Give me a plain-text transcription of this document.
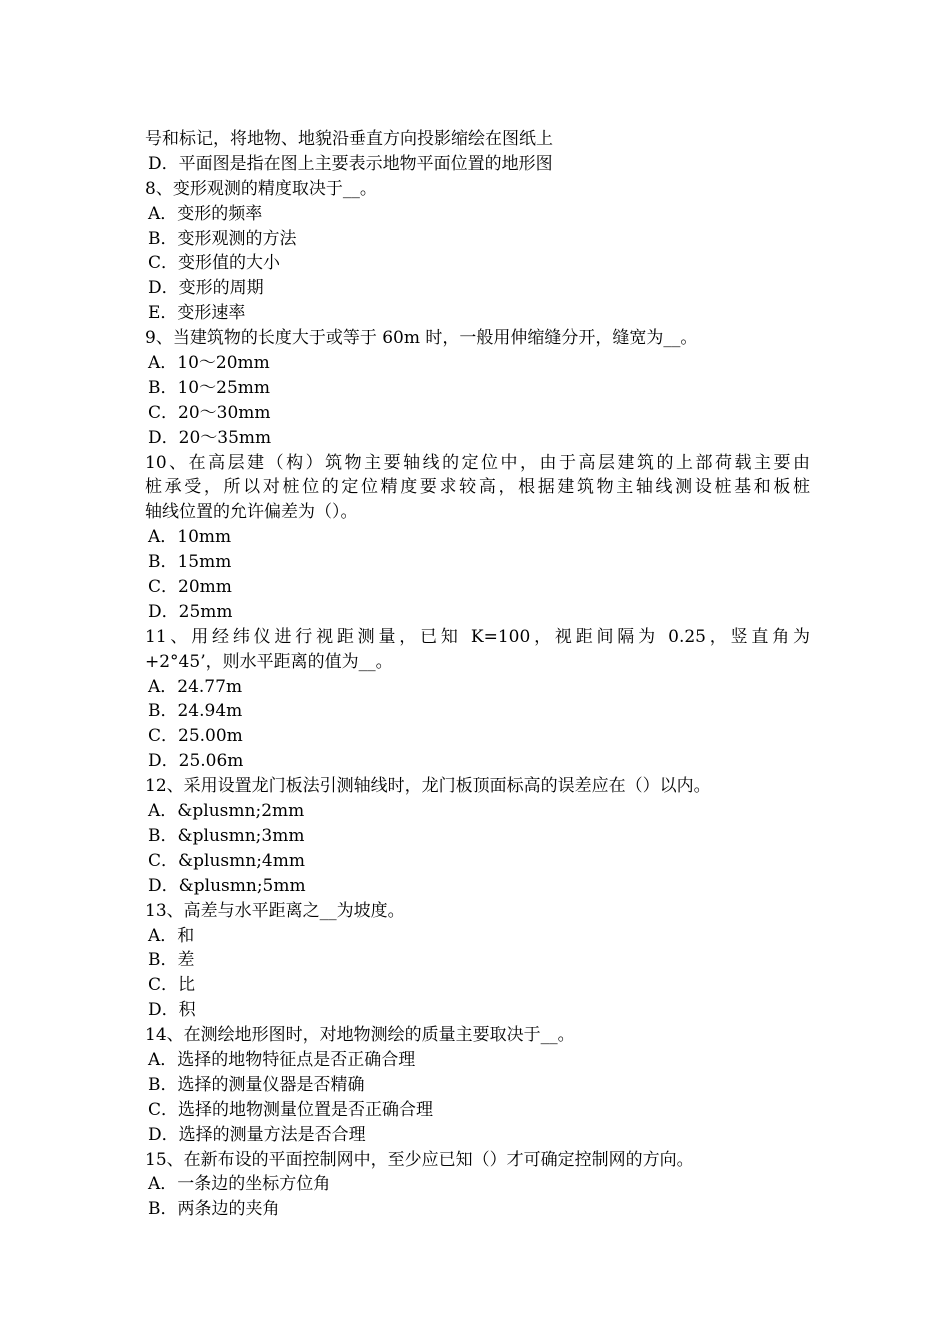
号和标记，将地物、地貌沿垂直方向投影缩绘在图纸上
D．平面图是指在图上主要表示地物平面位置的地形图
8、变形观测的精度取决于__。
A．变形的频率
B．变形观测的方法
C．变形值的大小
D．变形的周期
E．变形速率
9、当建筑物的长度大于或等于 60m 时，一般用伸缩缝分开，缝宽为__。
A．10～20mm
B．10～25mm
C．20～30mm
D．20～35mm
10、在高层建（构）筑物主要轴线的定位中，由于高层建筑的上部荷载主要由
桩承受，所以对桩位的定位精度要求较高，根据建筑物主轴线测设桩基和板桩
轴线位置的允许偏差为（）。
A．10mm
B．15mm
C．20mm
D．25mm
11、用经纬仪进行视距测量，已知 K=100，视距间隔为 0.25，竖直角为
+2°45’，则水平距离的值为__。
A．24.77m
B．24.94m
C．25.00m
D．25.06m
12、采用设置龙门板法引测轴线时，龙门板顶面标高的误差应在（）以内。
A．&plusmn;2mm
B．&plusmn;3mm
C．&plusmn;4mm
D．&plusmn;5mm
13、高差与水平距离之__为坡度。
A．和
B．差
C．比
D．积
14、在测绘地形图时，对地物测绘的质量主要取决于__。
A．选择的地物特征点是否正确合理
B．选择的测量仪器是否精确
C．选择的地物测量位置是否正确合理
D．选择的测量方法是否合理
15、在新布设的平面控制网中，至少应已知（）才可确定控制网的方向。
A．一条边的坐标方位角
B．两条边的夹角
